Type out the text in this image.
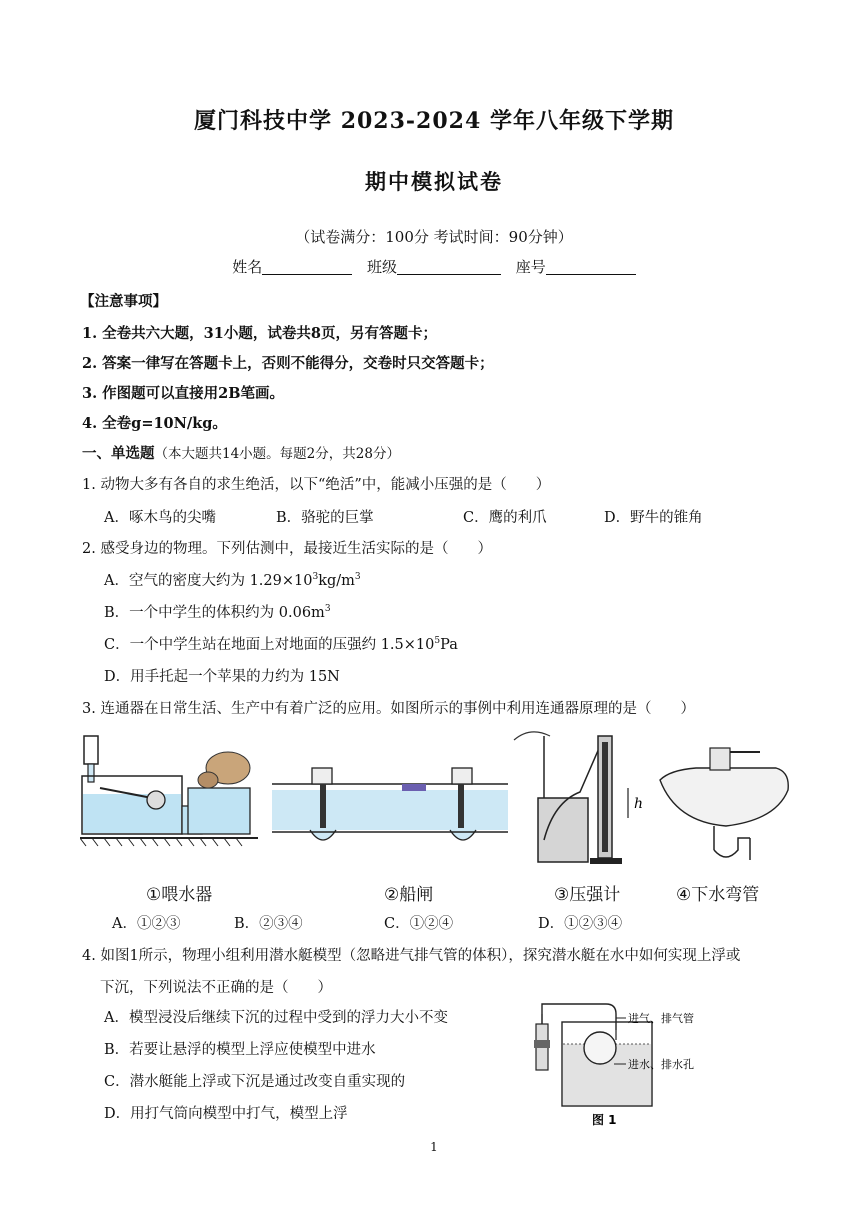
厦门科技中学 2023-2024 学年八年级下学期
期中模拟试卷
（试卷满分：100分 考试时间：90分钟）
姓名	班级	座号
【注意事项】
1. 全卷共六大题，31小题，试卷共8页，另有答题卡；
2. 答案一律写在答题卡上，否则不能得分，交卷时只交答题卡；
3. 作图题可以直接用2B笔画。
4. 全卷g=10N/kg。
一、单选题（本大题共14小题。每题2分，共28分）
1. 动物大多有各自的求生绝活，以下“绝活”中，能减小压强的是（　　）
A．啄木鸟的尖嘴	B．骆驼的巨掌	C．鹰的利爪	D．野牛的锥角
2. 感受身边的物理。下列估测中，最接近生活实际的是（　　）
A．空气的密度大约为 $1.29\times 10^3kg/m^3$
B．一个中学生的体积约为 $0.06m^3$
C．一个中学生站在地面上对地面的压强约 $1.5\times 10^5Pa$
D．用手托起一个苹果的力约为 15N
3. 连通器在日常生活、生产中有着广泛的应用。如图所示的事例中利用连通器原理的是（　　）
①喂水器	②船闸
h
③压强计	④下水弯管
A．①②③	B．②③④	C．①②④	D．①②③④
4. 如图1所示，物理小组利用潜水艇模型（忽略进气排气管的体积），探究潜水艇在水中如何实现上浮或
下沉，下列说法不正确的是（　　）
A．模型浸没后继续下沉的过程中受到的浮力大小不变
B．若要让悬浮的模型上浮应使模型中进水
C．潜水艇能上浮或下沉是通过改变自重实现的
D．用打气筒向模型中打气，模型上浮
进气、排气管
进水、排水孔
图 1
1
